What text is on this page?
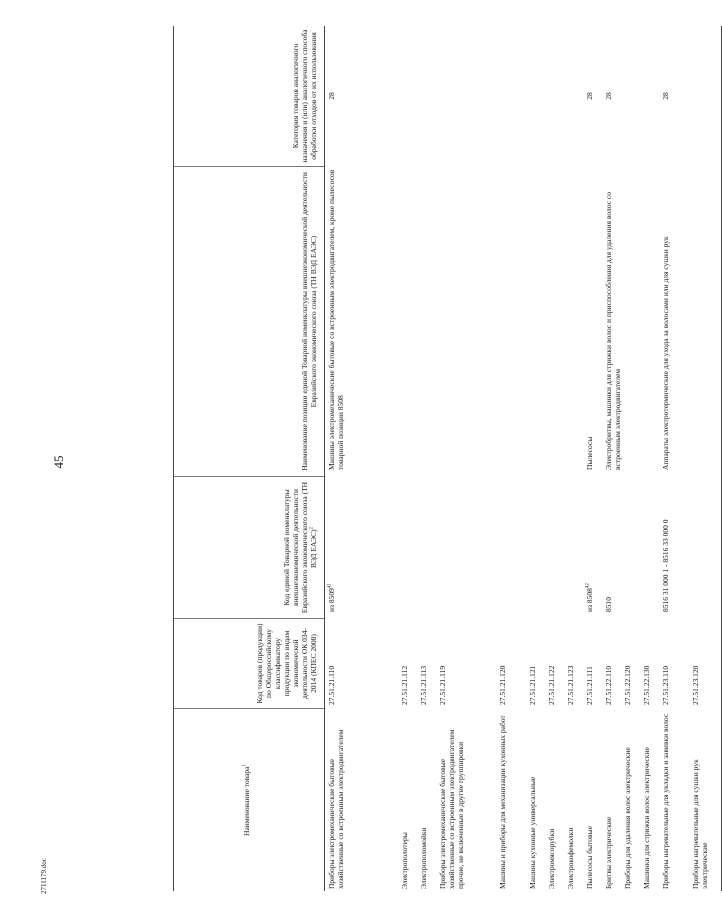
45
2711179.doc
Наименование товара$^1$
Код товаров (продукции) по Общероссийскому классификатору продукции по видам экономической деятельности ОК 034-2014 (КПЕС 2008)
Код единой Товарной номенклатуры внешнеэкономической деятельности Евразийского экономического союза (ТН ВЭД ЕАЭС)$^2$
Наименование позиции единой Товарной номенклатуры внешнеэкономической деятельности Евразийского экономического союза (ТН ВЭД ЕАЭС)
Категория товаров аналогичного назначения и (или) аналогичного способа обработки отходов от их использования
Приборы электромеханические бытовые хозяйственные со встроенным электродвигателем
27.51.21.110
из 8509$^{41}$
Машины электромеханические бытовые со встроенным электродвигателем, кроме пылесосов товарной позиции 8508
28
Электрополотеры
27.51.21.112
Электрополомойки
27.51.21.113
Приборы электромеханические бытовые хозяйственные со встроенным электродвигателем прочие, не включенные в другие группировки
27.51.21.119
Машины и приборы для механизации кухонных работ
27.51.21.120
Машины кухонные универсальные
27.51.21.121
Электромясорубки
27.51.21.122
Электрокофемолки
27.51.21.123
Пылесосы бытовые
27.51.21.111
из 8508$^{42}$
Пылесосы
28
Бритвы электрические
27.51.22.110
8510
Электробритвы, машинки для стрижки волос и приспособления для удаления волос со встроенным электродвигателем
28
Приборы для удаления волос электрические
27.51.22.120
Машинки для стрижки волос электрические
27.51.22.130
Приборы нагревательные для укладки и завивки волос
27.51.23.110
8516 31 000 1 - 8516 33 000 0
Аппараты электротермические для ухода за волосами или для сушки рук
28
Приборы нагревательные для сушки рук электрические
27.51.23.120
